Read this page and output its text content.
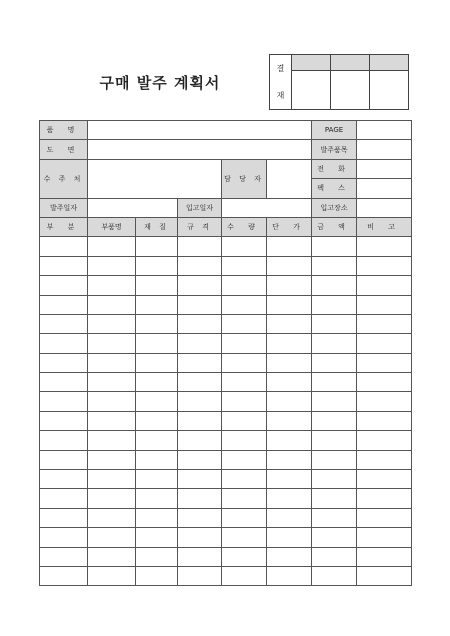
구매 발주 계획서
결
재			

품 명						PAGE	
도 면						발주품목	
수 주 처				담 당 자		전 화	
						팩 스	
발주일자			입고일자			입고장소	
부 분	부품명	재 질	규 격	수 량	단 가	금 액	비 고
